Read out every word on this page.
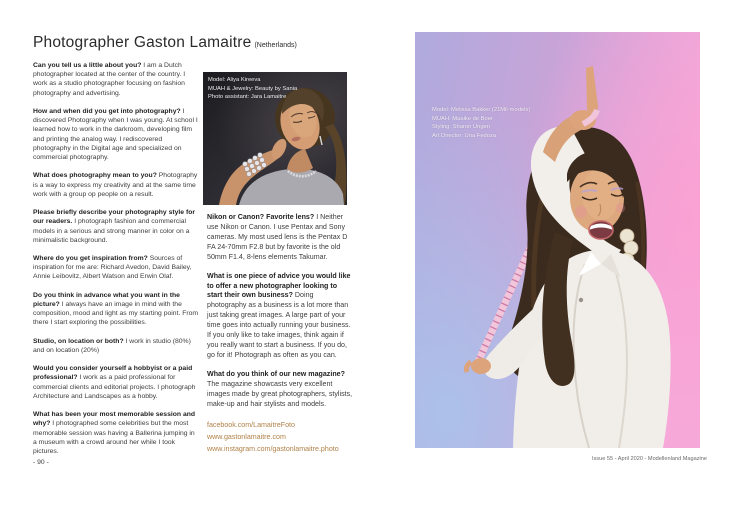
Photographer Gaston Lamaitre (Netherlands)

Can you tell us a little about you? I am a Dutch photographer located at the center of the country. I work as a studio photographer focusing on fashion photography and advertising.

How and when did you get into photography? I discovered Photography when I was young. At school I learned how to work in the darkroom, developing film and printing the analog way. I rediscovered photography in the Digital age and specialized on commercial photography.

What does photography mean to you? Photography is a way to express my creativity and at the same time work with a group op people on a result.

Please briefly describe your photography style for our readers. I photograph fashion and commercial models in a serious and strong manner in color on a minimalistic background.

Where do you get inspiration from? Sources of inspiration for me are: Richard Avedon, David Bailey, Annie Leibovitz, Albert Watson and Erwin Olaf.

Do you think in advance what you want in the picture? I always have an image in mind with the composition, mood and light as my starting point. From there I start exploring the possibilities.

Studio, on location or both? I work in studio (80%) and on location (20%)

Would you consider yourself a hobbyist or a paid professional? I work as a paid professional for commercial clients and editorial projects. I photograph Architecture and Landscapes as a hobby.

What has been your most memorable session and why? I photographed some celebrities but the most memorable session was having a Ballerina jumping in a museum with a crowd around her while I took pictures.

- 90 -
Model: Aliya Kireeva
MUAH & Jewelry: Beauty by Sania
Photo assistant: Jara Lamaitre

Nikon or Canon? Favorite lens? I Neither use Nikon or Canon. I use Pentax and Sony cameras. My most used lens is the Pentax D FA 24-70mm F2.8 but by favorite is the old 50mm F1.4, 8-lens elements Takumar.

What is one piece of advice you would like to offer a new photographer looking to start their own business? Doing photography as a business is a lot more than just taking great images. A large part of your time goes into actually running your business. If you only like to take images, think again if you really want to start a business. If you do, go for it! Photograph as often as you can.

What do you think of our new magazine? The magazine showcasts very excellent images made by great photographers, stylists, make-up and hair stylists and models.

facebook.com/LamaitreFoto
www.gastonlamaitre.com
www.instagram.com/gastonlamaitre.photo
Model: Melissa Bakker (21Mil-models)
MUAH: Maaike de Boer
Styling: Sharon Ungen
Art Director: Una Fedoza
Issue 55 - April 2020 - Modellenland Magazine
